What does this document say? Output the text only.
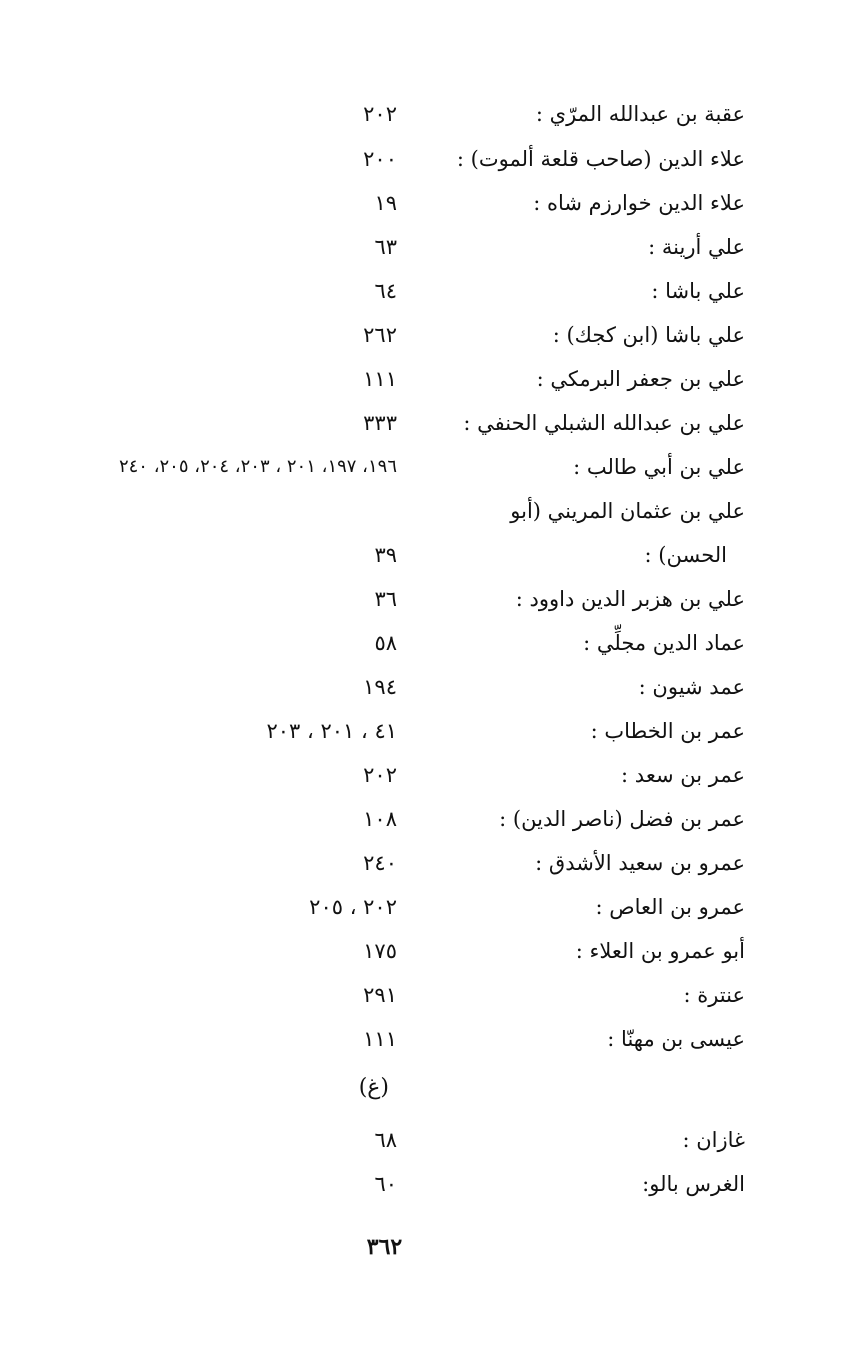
عقبة بن عبدالله المرّي :
٢٠٢
علاء الدين (صاحب قلعة ألموت) :
٢٠٠
علاء الدين خوارزم شاه :
١٩
علي أرينة :
٦٣
علي باشا :
٦٤
علي باشا (ابن كجك) :
٢٦٢
علي بن جعفر البرمكي :
١١١
علي بن عبدالله الشبلي الحنفي :
٣٣٣
علي بن أبي طالب :
١٩٦، ١٩٧، ٢٠١ ، ٢٠٣، ٢٠٤، ٢٠٥، ٢٤٠
علي بن عثمان المريني (أبو
الحسن) :
٣٩
علي بن هزبر الدين داوود :
٣٦
عماد الدين مجلِّي :
٥٨
عمد شيون :
١٩٤
عمر بن الخطاب :
٤١ ، ٢٠١ ، ٢٠٣
عمر بن سعد :
٢٠٢
عمر بن فضل (ناصر الدين) :
١٠٨
عمرو بن سعيد الأشدق :
٢٤٠
عمرو بن العاص :
٢٠٢ ، ٢٠٥
أبو عمرو بن العلاء :
١٧٥
عنترة :
٢٩١
عيسى بن مهنّا :
١١١
(غ)
غازان :
٦٨
الغرس بالو:
٦٠
٣٦٢
